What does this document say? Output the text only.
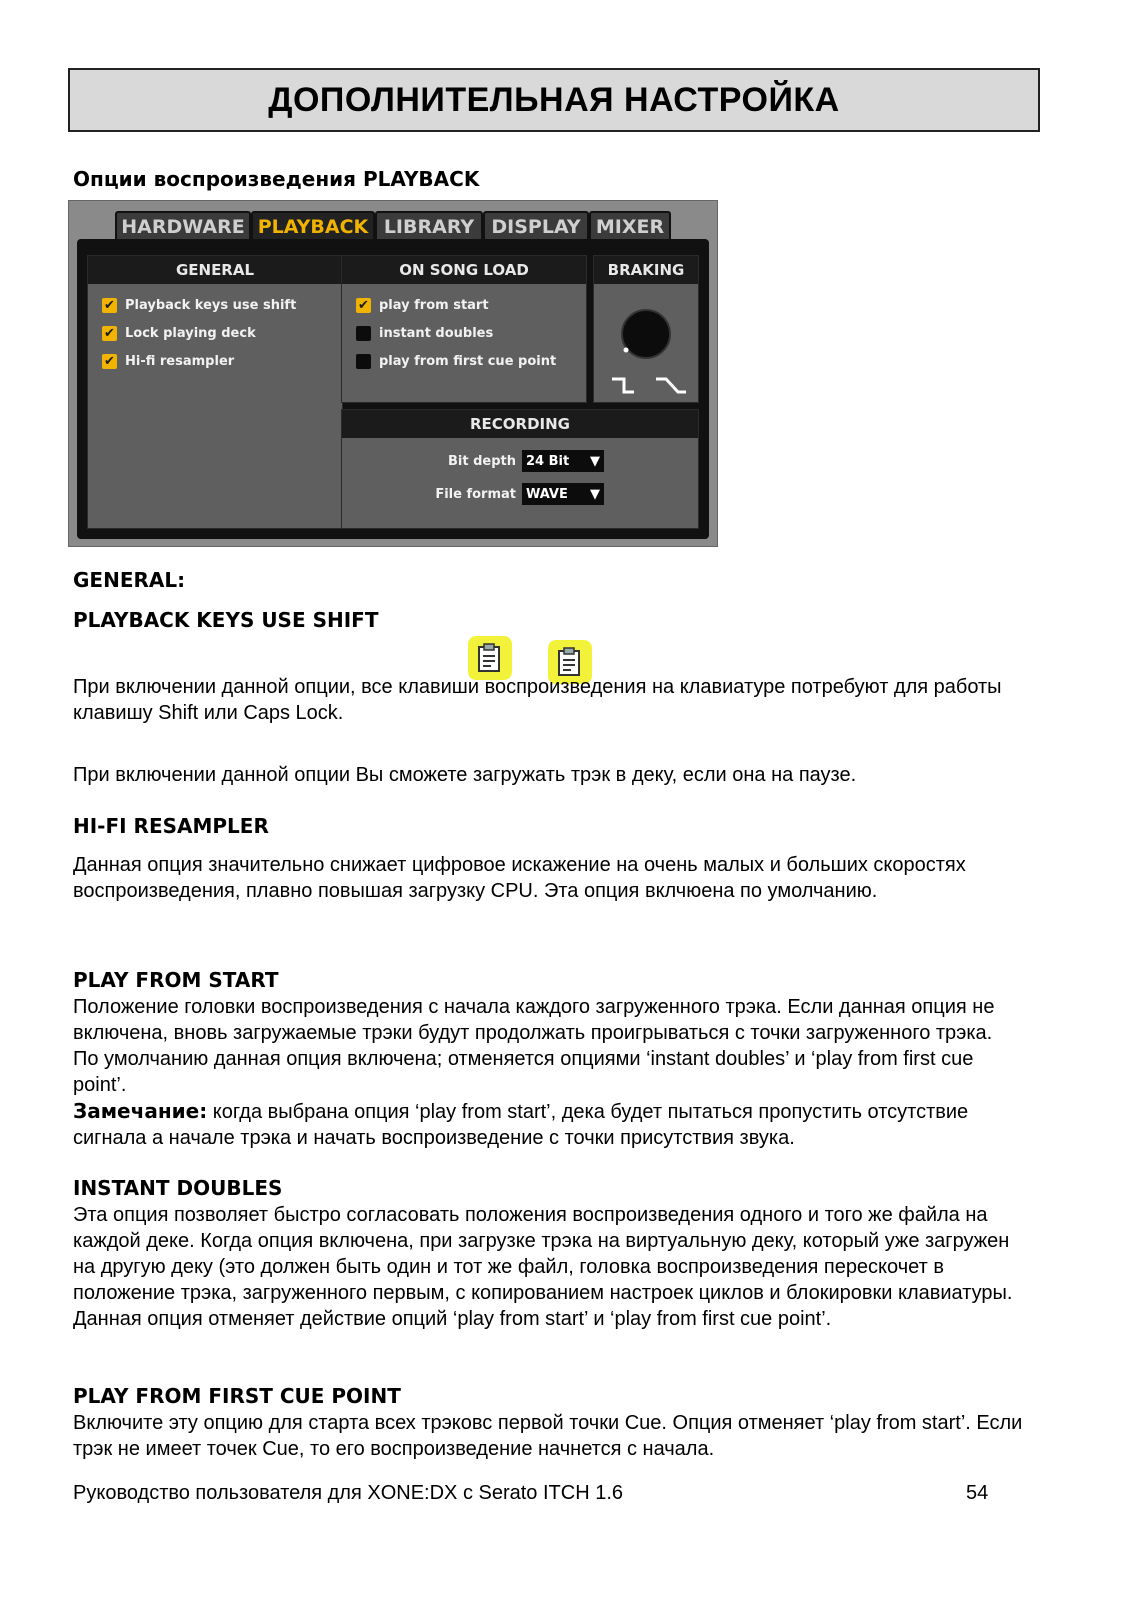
ДОПОЛНИТЕЛЬНАЯ НАСТРОЙКА
Опции воспроизведения PLAYBACK
HARDWARE PLAYBACK LIBRARY DISPLAY MIXER
GENERAL
✔ Playback keys use shift
✔ Lock playing deck
✔ Hi-fi resampler
ON SONG LOAD
✔ play from start
instant doubles
play from first cue point
BRAKING
RECORDING
Bit depth 24 Bit ▼
File format WAVE ▼
GENERAL:
PLAYBACK KEYS USE SHIFT
При включении данной опции, все клавиши воспроизведения на клавиатуре потребуют для работы клавишу Shift или Caps Lock.
При включении данной опции Вы сможете загружать трэк в деку, если она на паузе.
HI-FI RESAMPLER
Данная опция значительно снижает цифровое искажение на очень малых и больших скоростях воспроизведения, плавно повышая загрузку CPU. Эта опция вклчюена по умолчанию.
PLAY FROM START
Положение головки воспроизведения с начала каждого загруженного трэка. Если данная опция не включена, вновь загружаемые трэки будут продолжать проигрываться с точки загруженного трэка. По умолчанию данная опция включена; отменяется опциями ‘instant doubles’ и ‘play from first cue point’.
Замечание: когда выбрана опция ‘play from start’, дека будет пытаться пропустить отсутствие сигнала а начале трэка и начать воспроизведение с точки присутствия звука.
INSTANT DOUBLES
Эта опция позволяет быстро согласовать положения воспроизведения одного и того же файла на каждой деке. Когда опция включена, при загрузке трэка на виртуальную деку, который уже загружен на другую деку (это должен быть один и тот же файл, головка воспроизведения перескочет в положение трэка, загруженного первым, с копированием настроек циклов и блокировки клавиатуры. Данная опция отменяет действие опций ‘play from start’ и ‘play from first cue point’.
PLAY FROM FIRST CUE POINT
Включите эту опцию для старта всех трэковс первой точки Cue. Опция отменяет ‘play from start’. Если трэк не имеет точек Cue, то его воспроизведение начнется с начала.
Руководство пользователя для XONE:DX с Serato ITCH 1.6	54
